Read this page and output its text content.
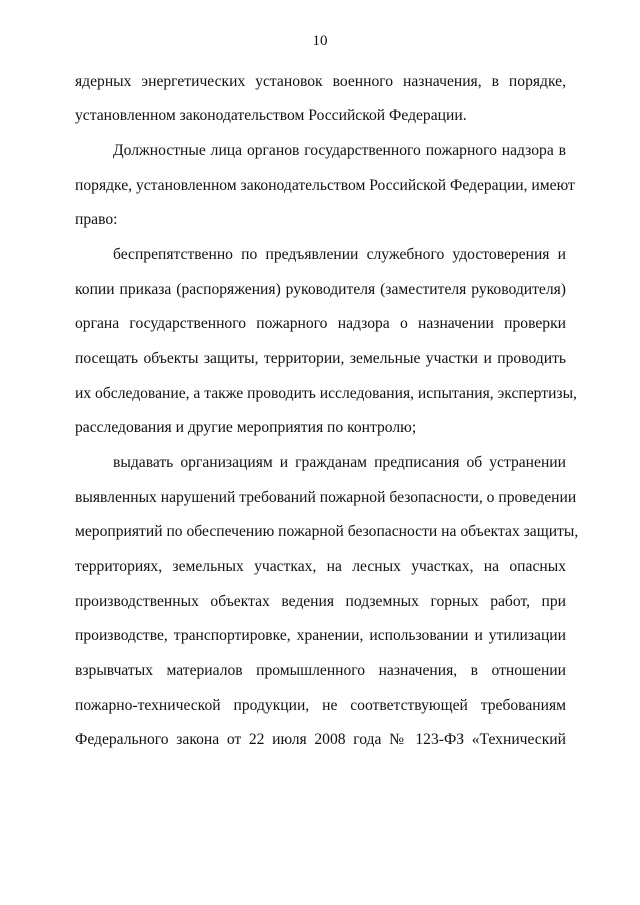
10
ядерных энергетических установок военного назначения, в порядке,
установленном законодательством Российской Федерации.
Должностные лица органов государственного пожарного надзора в
порядке, установленном законодательством Российской Федерации, имеют
право:
беспрепятственно по предъявлении служебного удостоверения и
копии приказа (распоряжения) руководителя (заместителя руководителя)
органа государственного пожарного надзора о назначении проверки
посещать объекты защиты, территории, земельные участки и проводить
их обследование, а также проводить исследования, испытания, экспертизы,
расследования и другие мероприятия по контролю;
выдавать организациям и гражданам предписания об устранении
выявленных нарушений требований пожарной безопасности, о проведении
мероприятий по обеспечению пожарной безопасности на объектах защиты,
территориях, земельных участках, на лесных участках, на опасных
производственных объектах ведения подземных горных работ, при
производстве, транспортировке, хранении, использовании и утилизации
взрывчатых материалов промышленного назначения, в отношении
пожарно-технической продукции, не соответствующей требованиям
Федерального закона от 22 июля 2008 года № 123-ФЗ «Технический
